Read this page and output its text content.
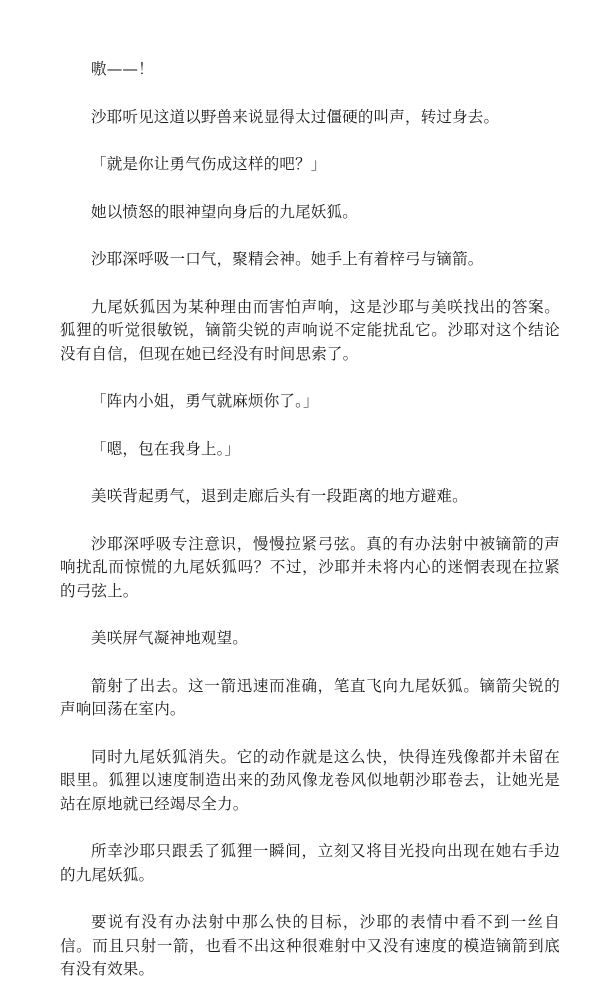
嗷——！

沙耶听见这道以野兽来说显得太过僵硬的叫声，转过身去。

「就是你让勇气伤成这样的吧？」

她以愤怒的眼神望向身后的九尾妖狐。

沙耶深呼吸一口气，聚精会神。她手上有着梓弓与镝箭。

九尾妖狐因为某种理由而害怕声响，这是沙耶与美咲找出的答案。狐狸的听觉很敏锐，镝箭尖锐的声响说不定能扰乱它。沙耶对这个结论没有自信，但现在她已经没有时间思索了。

「阵内小姐，勇气就麻烦你了。」

「嗯，包在我身上。」

美咲背起勇气，退到走廊后头有一段距离的地方避难。

沙耶深呼吸专注意识，慢慢拉紧弓弦。真的有办法射中被镝箭的声响扰乱而惊慌的九尾妖狐吗？不过，沙耶并未将内心的迷惘表现在拉紧的弓弦上。

美咲屏气凝神地观望。

箭射了出去。这一箭迅速而准确，笔直飞向九尾妖狐。镝箭尖锐的声响回荡在室内。

同时九尾妖狐消失。它的动作就是这么快，快得连残像都并未留在眼里。狐狸以速度制造出来的劲风像龙卷风似地朝沙耶卷去，让她光是站在原地就已经竭尽全力。

所幸沙耶只跟丢了狐狸一瞬间，立刻又将目光投向出现在她右手边的九尾妖狐。

要说有没有办法射中那么快的目标，沙耶的表情中看不到一丝自信。而且只射一箭，也看不出这种很难射中又没有速度的模造镝箭到底有没有效果。
